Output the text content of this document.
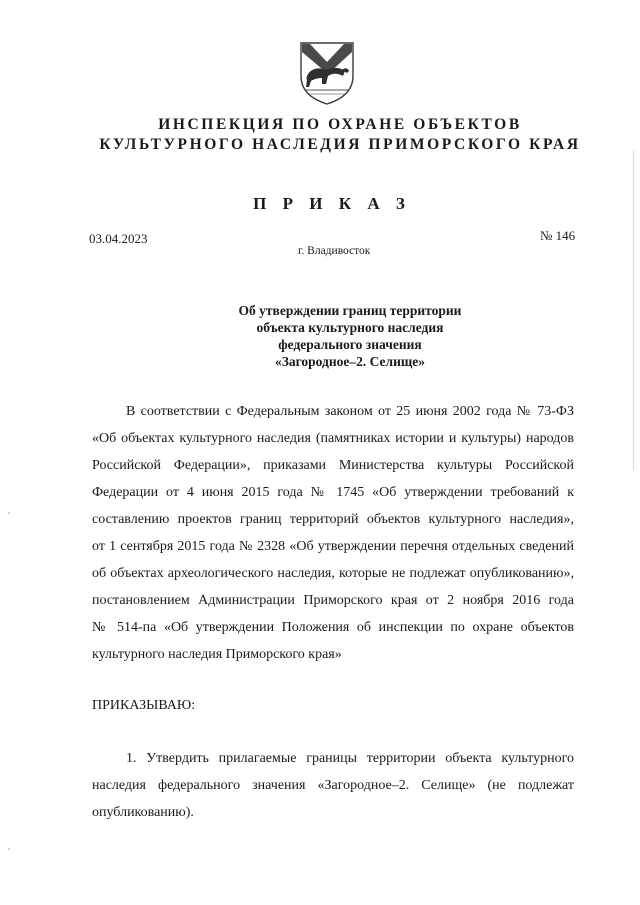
ИНСПЕКЦИЯ ПО ОХРАНЕ ОБЪЕКТОВ
КУЛЬТУРНОГО НАСЛЕДИЯ ПРИМОРСКОГО КРАЯ
П Р И К А З
03.04.2023	№ 146
г. Владивосток
Об утверждении границ территории
объекта культурного наследия
федерального значения
«Загородное–2. Селище»
В соответствии с Федеральным законом от 25 июня 2002 года № 73-ФЗ
«Об объектах культурного наследия (памятниках истории и культуры) народов
Российской Федерации», приказами Министерства культуры Российской
Федерации от 4 июня 2015 года № 1745 «Об утверждении требований к
составлению проектов границ территорий объектов культурного наследия»,
от 1 сентября 2015 года № 2328 «Об утверждении перечня отдельных сведений
об объектах археологического наследия, которые не подлежат опубликованию»,
постановлением Администрации Приморского края от 2 ноября 2016 года
№ 514-па «Об утверждении Положения об инспекции по охране объектов
культурного наследия Приморского края»
ПРИКАЗЫВАЮ:
1. Утвердить прилагаемые границы территории объекта культурного
наследия федерального значения «Загородное–2. Селище» (не подлежат
опубликованию).
